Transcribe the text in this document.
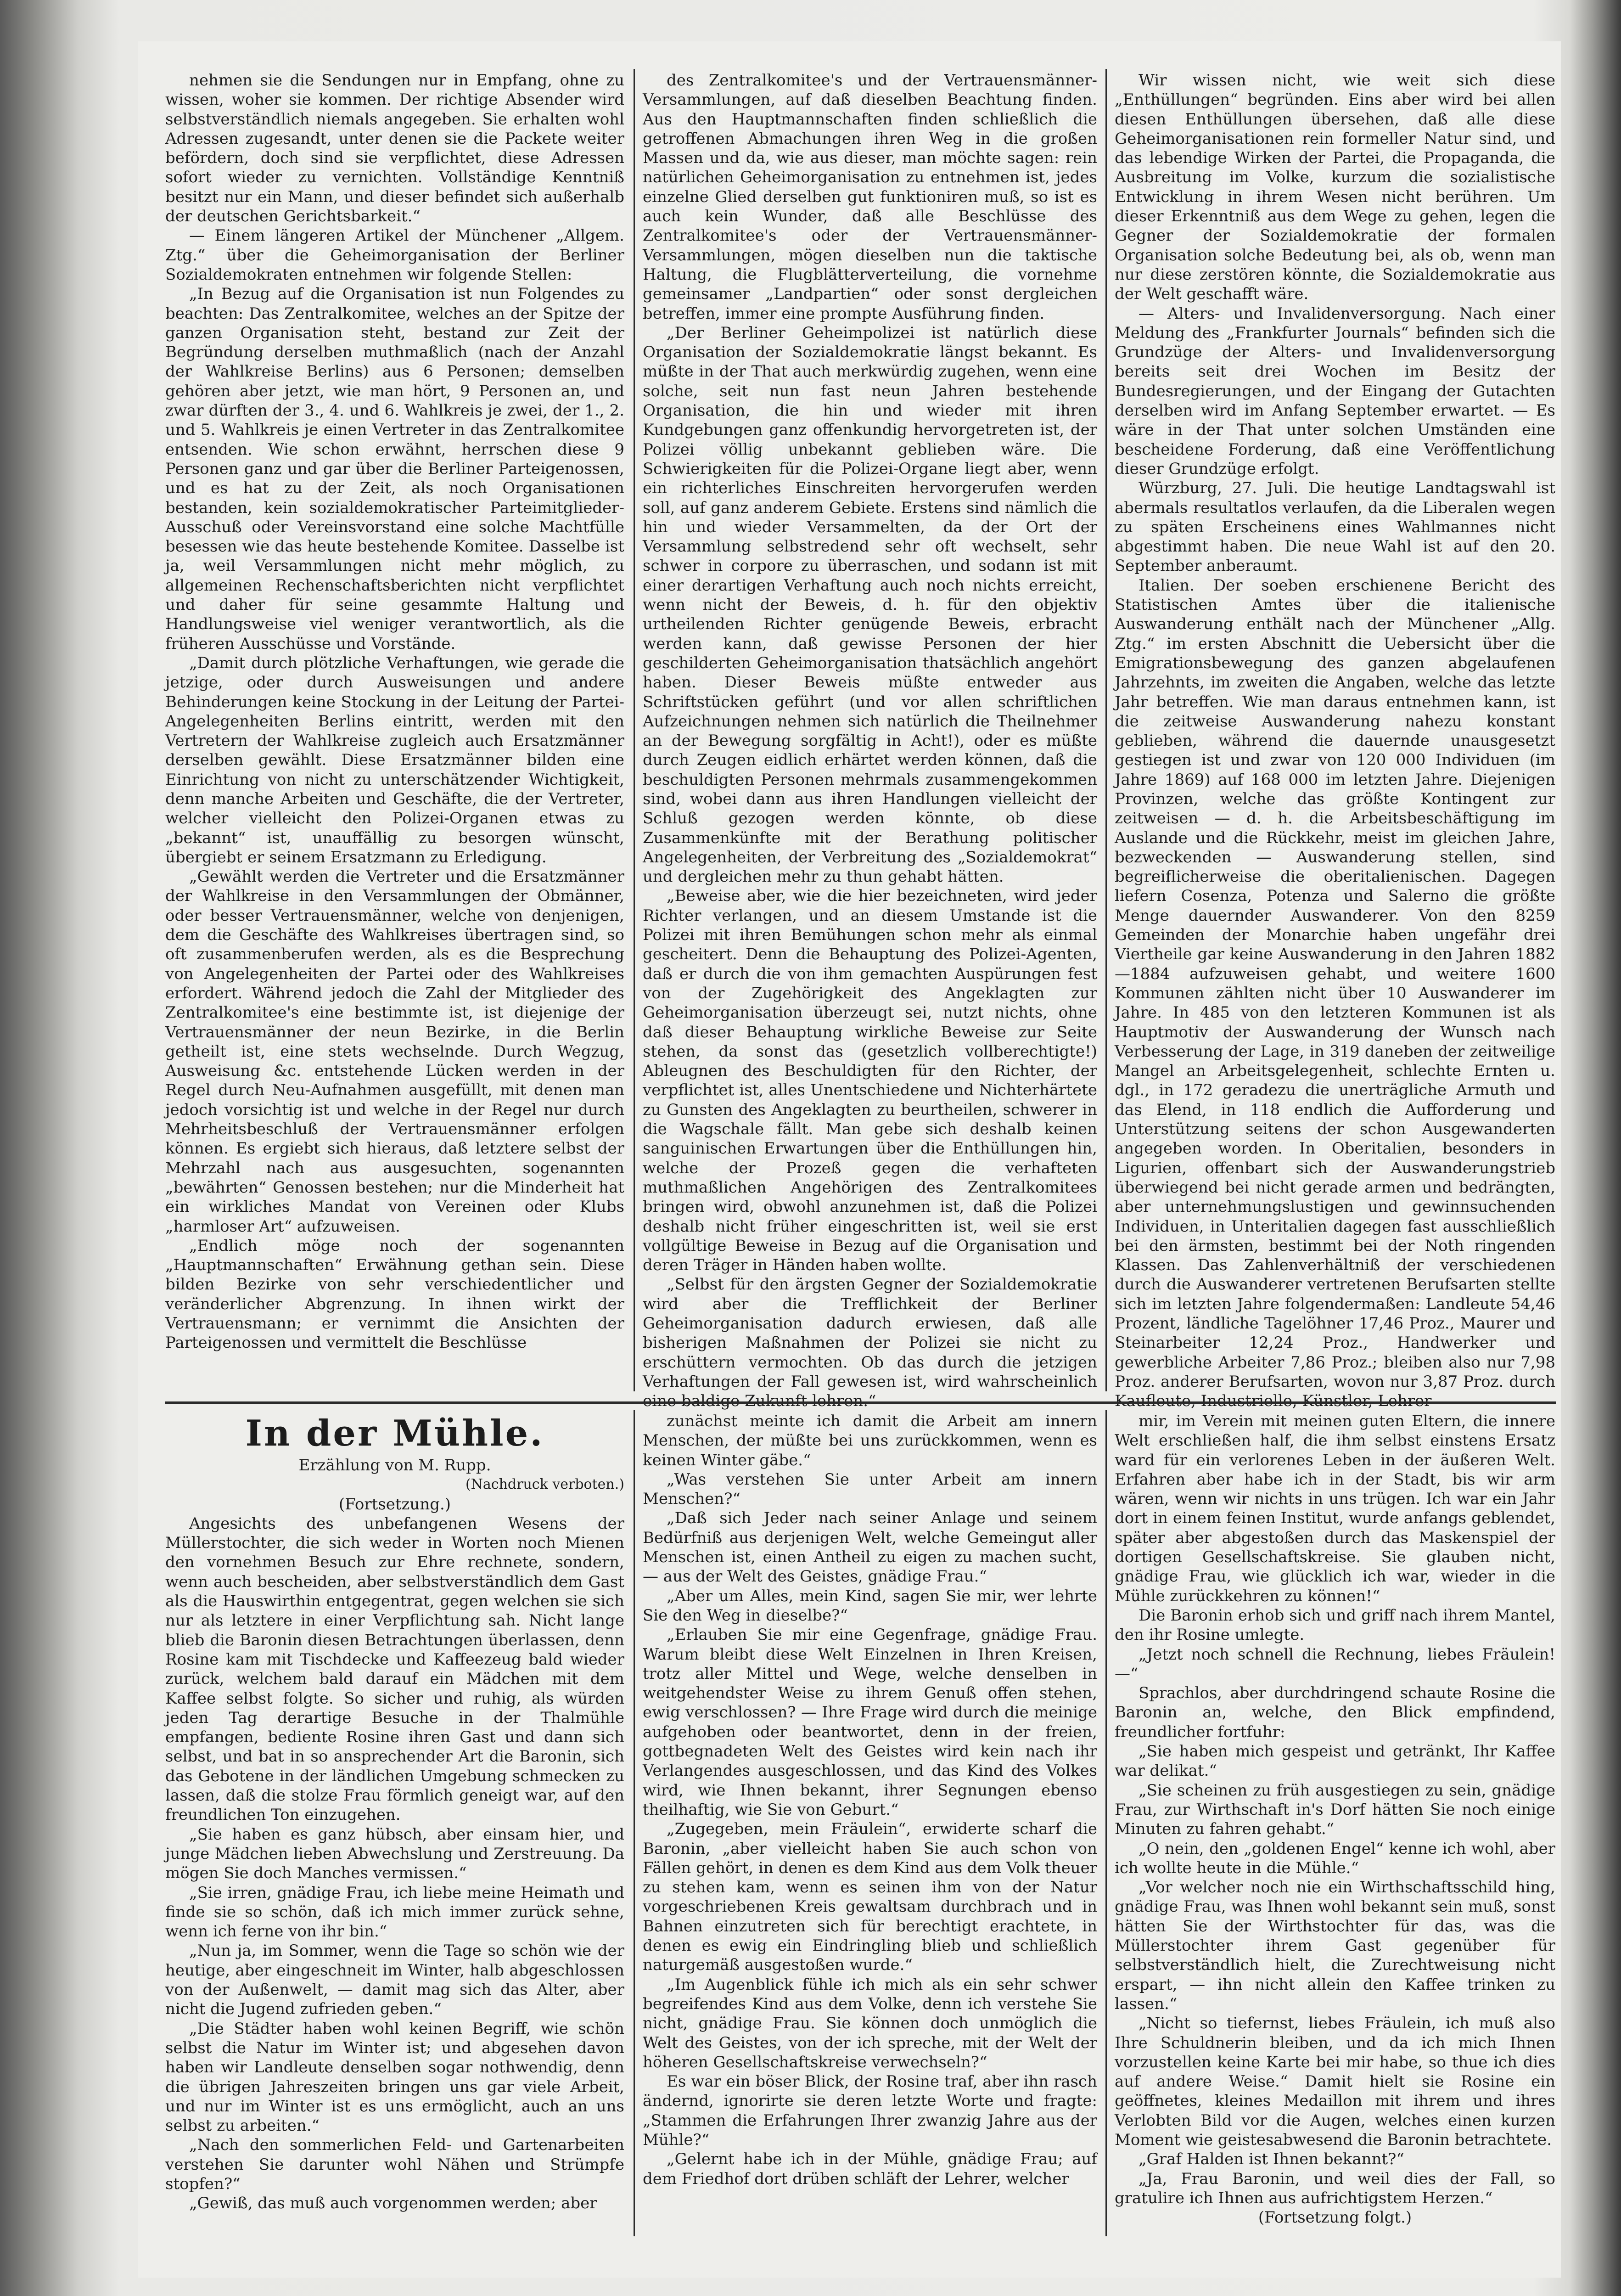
nehmen sie die Sendungen nur in Empfang, ohne zu wissen, woher sie kommen. Der richtige Absender wird selbstverständlich niemals angegeben. Sie erhalten wohl Adressen zugesandt, unter denen sie die Packete weiter befördern, doch sind sie verpflichtet, diese Adressen sofort wieder zu vernichten. Vollständige Kenntniß besitzt nur ein Mann, und dieser befindet sich außerhalb der deutschen Gerichtsbarkeit.“

— Einem längeren Artikel der Münchener „Allgem. Ztg.“ über die Geheimorganisation der Berliner Sozialdemokraten entnehmen wir folgende Stellen:

„In Bezug auf die Organisation ist nun Folgendes zu beachten: Das Zentralkomitee, welches an der Spitze der ganzen Organisation steht, bestand zur Zeit der Begründung derselben muthmaßlich (nach der Anzahl der Wahlkreise Berlins) aus 6 Personen; demselben gehören aber jetzt, wie man hört, 9 Personen an, und zwar dürften der 3., 4. und 6. Wahlkreis je zwei, der 1., 2. und 5. Wahlkreis je einen Vertreter in das Zentralkomitee entsenden. Wie schon erwähnt, herrschen diese 9 Personen ganz und gar über die Berliner Parteigenossen, und es hat zu der Zeit, als noch Organisationen bestanden, kein sozialdemokratischer Parteimitglieder-Ausschuß oder Vereinsvorstand eine solche Machtfülle besessen wie das heute bestehende Komitee. Dasselbe ist ja, weil Versammlungen nicht mehr möglich, zu allgemeinen Rechenschaftsberichten nicht verpflichtet und daher für seine gesammte Haltung und Handlungsweise viel weniger verantwortlich, als die früheren Ausschüsse und Vorstände.

„Damit durch plötzliche Verhaftungen, wie gerade die jetzige, oder durch Ausweisungen und andere Behinderungen keine Stockung in der Leitung der Partei-Angelegenheiten Berlins eintritt, werden mit den Vertretern der Wahlkreise zugleich auch Ersatzmänner derselben gewählt. Diese Ersatzmänner bilden eine Einrichtung von nicht zu unterschätzender Wichtigkeit, denn manche Arbeiten und Geschäfte, die der Vertreter, welcher vielleicht den Polizei-Organen etwas zu „bekannt“ ist, unauffällig zu besorgen wünscht, übergiebt er seinem Ersatzmann zu Erledigung.

„Gewählt werden die Vertreter und die Ersatzmänner der Wahlkreise in den Versammlungen der Obmänner, oder besser Vertrauensmänner, welche von denjenigen, dem die Geschäfte des Wahlkreises übertragen sind, so oft zusammenberufen werden, als es die Besprechung von Angelegenheiten der Partei oder des Wahlkreises erfordert. Während jedoch die Zahl der Mitglieder des Zentralkomitee's eine bestimmte ist, ist diejenige der Vertrauensmänner der neun Bezirke, in die Berlin getheilt ist, eine stets wechselnde. Durch Wegzug, Ausweisung &c. entstehende Lücken werden in der Regel durch Neu-Aufnahmen ausgefüllt, mit denen man jedoch vorsichtig ist und welche in der Regel nur durch Mehrheitsbeschluß der Vertrauensmänner erfolgen können. Es ergiebt sich hieraus, daß letztere selbst der Mehrzahl nach aus ausgesuchten, sogenannten „bewährten“ Genossen bestehen; nur die Minderheit hat ein wirkliches Mandat von Vereinen oder Klubs „harmloser Art“ aufzuweisen.

„Endlich möge noch der sogenannten „Hauptmannschaften“ Erwähnung gethan sein. Diese bilden Bezirke von sehr verschiedentlicher und veränderlicher Abgrenzung. In ihnen wirkt der Vertrauensmann; er vernimmt die Ansichten der Parteigenossen und vermittelt die Beschlüsse

des Zentralkomitee's und der Vertrauensmänner-Versammlungen, auf daß dieselben Beachtung finden. Aus den Hauptmannschaften finden schließlich die getroffenen Abmachungen ihren Weg in die großen Massen und da, wie aus dieser, man möchte sagen: rein natürlichen Geheimorganisation zu entnehmen ist, jedes einzelne Glied derselben gut funktioniren muß, so ist es auch kein Wunder, daß alle Beschlüsse des Zentralkomitee's oder der Vertrauensmänner-Versammlungen, mögen dieselben nun die taktische Haltung, die Flugblätterverteilung, die vornehme gemeinsamer „Landpartien“ oder sonst dergleichen betreffen, immer eine prompte Ausführung finden.

„Der Berliner Geheimpolizei ist natürlich diese Organisation der Sozialdemokratie längst bekannt. Es müßte in der That auch merkwürdig zugehen, wenn eine solche, seit nun fast neun Jahren bestehende Organisation, die hin und wieder mit ihren Kundgebungen ganz offenkundig hervorgetreten ist, der Polizei völlig unbekannt geblieben wäre. Die Schwierigkeiten für die Polizei-Organe liegt aber, wenn ein richterliches Einschreiten hervorgerufen werden soll, auf ganz anderem Gebiete. Erstens sind nämlich die hin und wieder Versammelten, da der Ort der Versammlung selbstredend sehr oft wechselt, sehr schwer in corpore zu überraschen, und sodann ist mit einer derartigen Verhaftung auch noch nichts erreicht, wenn nicht der Beweis, d. h. für den objektiv urtheilenden Richter genügende Beweis, erbracht werden kann, daß gewisse Personen der hier geschilderten Geheimorganisation thatsächlich angehört haben. Dieser Beweis müßte entweder aus Schriftstücken geführt (und vor allen schriftlichen Aufzeichnungen nehmen sich natürlich die Theilnehmer an der Bewegung sorgfältig in Acht!), oder es müßte durch Zeugen eidlich erhärtet werden können, daß die beschuldigten Personen mehrmals zusammengekommen sind, wobei dann aus ihren Handlungen vielleicht der Schluß gezogen werden könnte, ob diese Zusammenkünfte mit der Berathung politischer Angelegenheiten, der Verbreitung des „Sozialdemokrat“ und dergleichen mehr zu thun gehabt hätten.

„Beweise aber, wie die hier bezeichneten, wird jeder Richter verlangen, und an diesem Umstande ist die Polizei mit ihren Bemühungen schon mehr als einmal gescheitert. Denn die Behauptung des Polizei-Agenten, daß er durch die von ihm gemachten Auspürungen fest von der Zugehörigkeit des Angeklagten zur Geheimorganisation überzeugt sei, nutzt nichts, ohne daß dieser Behauptung wirkliche Beweise zur Seite stehen, da sonst das (gesetzlich vollberechtigte!) Ableugnen des Beschuldigten für den Richter, der verpflichtet ist, alles Unentschiedene und Nichterhärtete zu Gunsten des Angeklagten zu beurtheilen, schwerer in die Wagschale fällt. Man gebe sich deshalb keinen sanguinischen Erwartungen über die Enthüllungen hin, welche der Prozeß gegen die verhafteten muthmaßlichen Angehörigen des Zentralkomitees bringen wird, obwohl anzunehmen ist, daß die Polizei deshalb nicht früher eingeschritten ist, weil sie erst vollgültige Beweise in Bezug auf die Organisation und deren Träger in Händen haben wollte.

„Selbst für den ärgsten Gegner der Sozialdemokratie wird aber die Trefflichkeit der Berliner Geheimorganisation dadurch erwiesen, daß alle bisherigen Maßnahmen der Polizei sie nicht zu erschüttern vermochten. Ob das durch die jetzigen Verhaftungen der Fall gewesen ist, wird wahrscheinlich

Wir wissen nicht, wie weit sich diese „Enthüllungen“ begründen. Eins aber wird bei allen diesen Enthüllungen übersehen, daß alle diese Geheimorganisationen rein formeller Natur sind, und das lebendige Wirken der Partei, die Propaganda, die Ausbreitung im Volke, kurzum die sozialistische Entwicklung in ihrem Wesen nicht berühren. Um dieser Erkenntniß aus dem Wege zu gehen, legen die Gegner der Sozialdemokratie der formalen Organisation solche Bedeutung bei, als ob, wenn man nur diese zerstören könnte, die Sozialdemokratie aus der Welt geschafft wäre.

— Alters- und Invalidenversorgung. Nach einer Meldung des „Frankfurter Journals“ befinden sich die Grundzüge der Alters- und Invalidenversorgung bereits seit drei Wochen im Besitz der Bundesregierungen, und der Eingang der Gutachten derselben wird im Anfang September erwartet. — Es wäre in der That unter solchen Umständen eine bescheidene Forderung, daß eine Veröffentlichung dieser Grundzüge erfolgt.

Würzburg, 27. Juli. Die heutige Landtagswahl ist abermals resultatlos verlaufen, da die Liberalen wegen zu späten Erscheinens eines Wahlmannes nicht abgestimmt haben. Die neue Wahl ist auf den 20. September anberaumt.

Italien. Der soeben erschienene Bericht des Statistischen Amtes über die italienische Auswanderung enthält nach der Münchener „Allg. Ztg.“ im ersten Abschnitt die Uebersicht über die Emigrationsbewegung des ganzen abgelaufenen Jahrzehnts, im zweiten die Angaben, welche das letzte Jahr betreffen. Wie man daraus entnehmen kann, ist die zeitweise Auswanderung nahezu konstant geblieben, während die dauernde unausgesetzt gestiegen ist und zwar von 120 000 Individuen (im Jahre 1869) auf 168 000 im letzten Jahre. Diejenigen Provinzen, welche das größte Kontingent zur zeitweisen — d. h. die Arbeitsbeschäftigung im Auslande und die Rückkehr, meist im gleichen Jahre, bezweckenden — Auswanderung stellen, sind begreiflicherweise die oberitalienischen. Dagegen liefern Cosenza, Potenza und Salerno die größte Menge dauernder Auswanderer. Von den 8259 Gemeinden der Monarchie haben ungefähr drei Viertheile gar keine Auswanderung in den Jahren 1882—1884 aufzuweisen gehabt, und weitere 1600 Kommunen zählten nicht über 10 Auswanderer im Jahre. In 485 von den letzteren Kommunen ist als Hauptmotiv der Auswanderung der Wunsch nach Verbesserung der Lage, in 319 daneben der zeitweilige Mangel an Arbeitsgelegenheit, schlechte Ernten u. dgl., in 172 geradezu die unerträgliche Armuth und das Elend, in 118 endlich die Aufforderung und Unterstützung seitens der schon Ausgewanderten angegeben worden. In Oberitalien, besonders in Ligurien, offenbart sich der Auswanderungstrieb überwiegend bei nicht gerade armen und bedrängten, aber unternehmungslustigen und gewinnsuchenden Individuen, in Unteritalien dagegen fast ausschließlich bei den ärmsten, bestimmt bei der Noth ringenden Klassen. Das Zahlenverhältniß der verschiedenen durch die Auswanderer vertretenen Berufsarten stellte sich im letzten Jahre folgendermaßen: Landleute 54,46 Prozent, ländliche Tagelöhner 17,46 Proz., Maurer und Steinarbeiter 12,24 Proz., Handwerker und gewerbliche Arbeiter 7,86 Proz.; bleiben also nur 7,98 Proz. anderer Berufsarten, wovon nur 3,87 Proz. durch

In der Mühle.

Erzählung von M. Rupp.

(Nachdruck verboten.)

(Fortsetzung.)

Angesichts des unbefangenen Wesens der Müllerstochter, die sich weder in Worten noch Mienen den vornehmen Besuch zur Ehre rechnete, sondern, wenn auch bescheiden, aber selbstverständlich dem Gast als die Hauswirthin entgegentrat, gegen welchen sie sich nur als letztere in einer Verpflichtung sah. Nicht lange blieb die Baronin diesen Betrachtungen überlassen, denn Rosine kam mit Tischdecke und Kaffeezeug bald wieder zurück, welchem bald darauf ein Mädchen mit dem Kaffee selbst folgte. So sicher und ruhig, als würden jeden Tag derartige Besuche in der Thalmühle empfangen, bediente Rosine ihren Gast und dann sich selbst, und bat in so ansprechender Art die Baronin, sich das Gebotene in der ländlichen Umgebung schmecken zu lassen, daß die stolze Frau förmlich geneigt war, auf den freundlichen Ton einzugehen.

„Sie haben es ganz hübsch, aber einsam hier, und junge Mädchen lieben Abwechslung und Zerstreuung. Da mögen Sie doch Manches vermissen.“

„Sie irren, gnädige Frau, ich liebe meine Heimath und finde sie so schön, daß ich mich immer zurück sehne, wenn ich ferne von ihr bin.“

„Nun ja, im Sommer, wenn die Tage so schön wie der heutige, aber eingeschneit im Winter, halb abgeschlossen von der Außenwelt, — damit mag sich das Alter, aber nicht die Jugend zufrieden geben.“

„Die Städter haben wohl keinen Begriff, wie schön selbst die Natur im Winter ist; und abgesehen davon haben wir Landleute denselben sogar nothwendig, denn die übrigen Jahreszeiten bringen uns gar viele Arbeit, und nur im Winter ist es uns ermöglicht, auch an uns selbst zu arbeiten.“

„Nach den sommerlichen Feld- und Gartenarbeiten verstehen Sie darunter wohl Nähen und Strümpfe stopfen?“

„Gewiß, das muß auch vorgenommen werden; aber

zunächst meinte ich damit die Arbeit am innern Menschen, der müßte bei uns zurückkommen, wenn es keinen Winter gäbe.“

„Was verstehen Sie unter Arbeit am innern Menschen?“

„Daß sich Jeder nach seiner Anlage und seinem Bedürfniß aus derjenigen Welt, welche Gemeingut aller Menschen ist, einen Antheil zu eigen zu machen sucht, — aus der Welt des Geistes, gnädige Frau.“

„Aber um Alles, mein Kind, sagen Sie mir, wer lehrte Sie den Weg in dieselbe?“

„Erlauben Sie mir eine Gegenfrage, gnädige Frau. Warum bleibt diese Welt Einzelnen in Ihren Kreisen, trotz aller Mittel und Wege, welche denselben in weitgehendster Weise zu ihrem Genuß offen stehen, ewig verschlossen? — Ihre Frage wird durch die meinige aufgehoben oder beantwortet, denn in der freien, gottbegnadeten Welt des Geistes wird kein nach ihr Verlangendes ausgeschlossen, und das Kind des Volkes wird, wie Ihnen bekannt, ihrer Segnungen ebenso theilhaftig, wie Sie von Geburt.“

„Zugegeben, mein Fräulein“, erwiderte scharf die Baronin, „aber vielleicht haben Sie auch schon von Fällen gehört, in denen es dem Kind aus dem Volk theuer zu stehen kam, wenn es seinen ihm von der Natur vorgeschriebenen Kreis gewaltsam durchbrach und in Bahnen einzutreten sich für berechtigt erachtete, in denen es ewig ein Eindringling blieb und schließlich naturgemäß ausgestoßen wurde.“

„Im Augenblick fühle ich mich als ein sehr schwer begreifendes Kind aus dem Volke, denn ich verstehe Sie nicht, gnädige Frau. Sie können doch unmöglich die Welt des Geistes, von der ich spreche, mit der Welt der höheren Gesellschaftskreise verwechseln?“

Es war ein böser Blick, der Rosine traf, aber ihn rasch ändernd, ignorirte sie deren letzte Worte und fragte: „Stammen die Erfahrungen Ihrer zwanzig Jahre aus der Mühle?“

„Gelernt habe ich in der Mühle, gnädige Frau; auf dem Friedhof dort drüben schläft der Lehrer, welcher

mir, im Verein mit meinen guten Eltern, die innere Welt erschließen half, die ihm selbst einstens Ersatz ward für ein verlorenes Leben in der äußeren Welt. Erfahren aber habe ich in der Stadt, bis wir arm wären, wenn wir nichts in uns trügen. Ich war ein Jahr dort in einem feinen Institut, wurde anfangs geblendet, später aber abgestoßen durch das Maskenspiel der dortigen Gesellschaftskreise. Sie glauben nicht, gnädige Frau, wie glücklich ich war, wieder in die Mühle zurückkehren zu können!“

Die Baronin erhob sich und griff nach ihrem Mantel, den ihr Rosine umlegte.

„Jetzt noch schnell die Rechnung, liebes Fräulein! —“

Sprachlos, aber durchdringend schaute Rosine die Baronin an, welche, den Blick empfindend, freundlicher fortfuhr:

„Sie haben mich gespeist und getränkt, Ihr Kaffee war delikat.“

„Sie scheinen zu früh ausgestiegen zu sein, gnädige Frau, zur Wirthschaft in's Dorf hätten Sie noch einige Minuten zu fahren gehabt.“

„O nein, den „goldenen Engel“ kenne ich wohl, aber ich wollte heute in die Mühle.“

„Vor welcher noch nie ein Wirthschaftsschild hing, gnädige Frau, was Ihnen wohl bekannt sein muß, sonst hätten Sie der Wirthstochter für das, was die Müllerstochter ihrem Gast gegenüber für selbstverständlich hielt, die Zurechtweisung nicht erspart, — ihn nicht allein den Kaffee trinken zu lassen.“

„Nicht so tiefernst, liebes Fräulein, ich muß also Ihre Schuldnerin bleiben, und da ich mich Ihnen vorzustellen keine Karte bei mir habe, so thue ich dies auf andere Weise.“ Damit hielt sie Rosine ein geöffnetes, kleines Medaillon mit ihrem und ihres Verlobten Bild vor die Augen, welches einen kurzen Moment wie geistesabwesend die Baronin betrachtete.

„Graf Halden ist Ihnen bekannt?“

„Ja, Frau Baronin, und weil dies der Fall, so gratulire ich Ihnen aus aufrichtigstem Herzen.“

(Fortsetzung folgt.)
